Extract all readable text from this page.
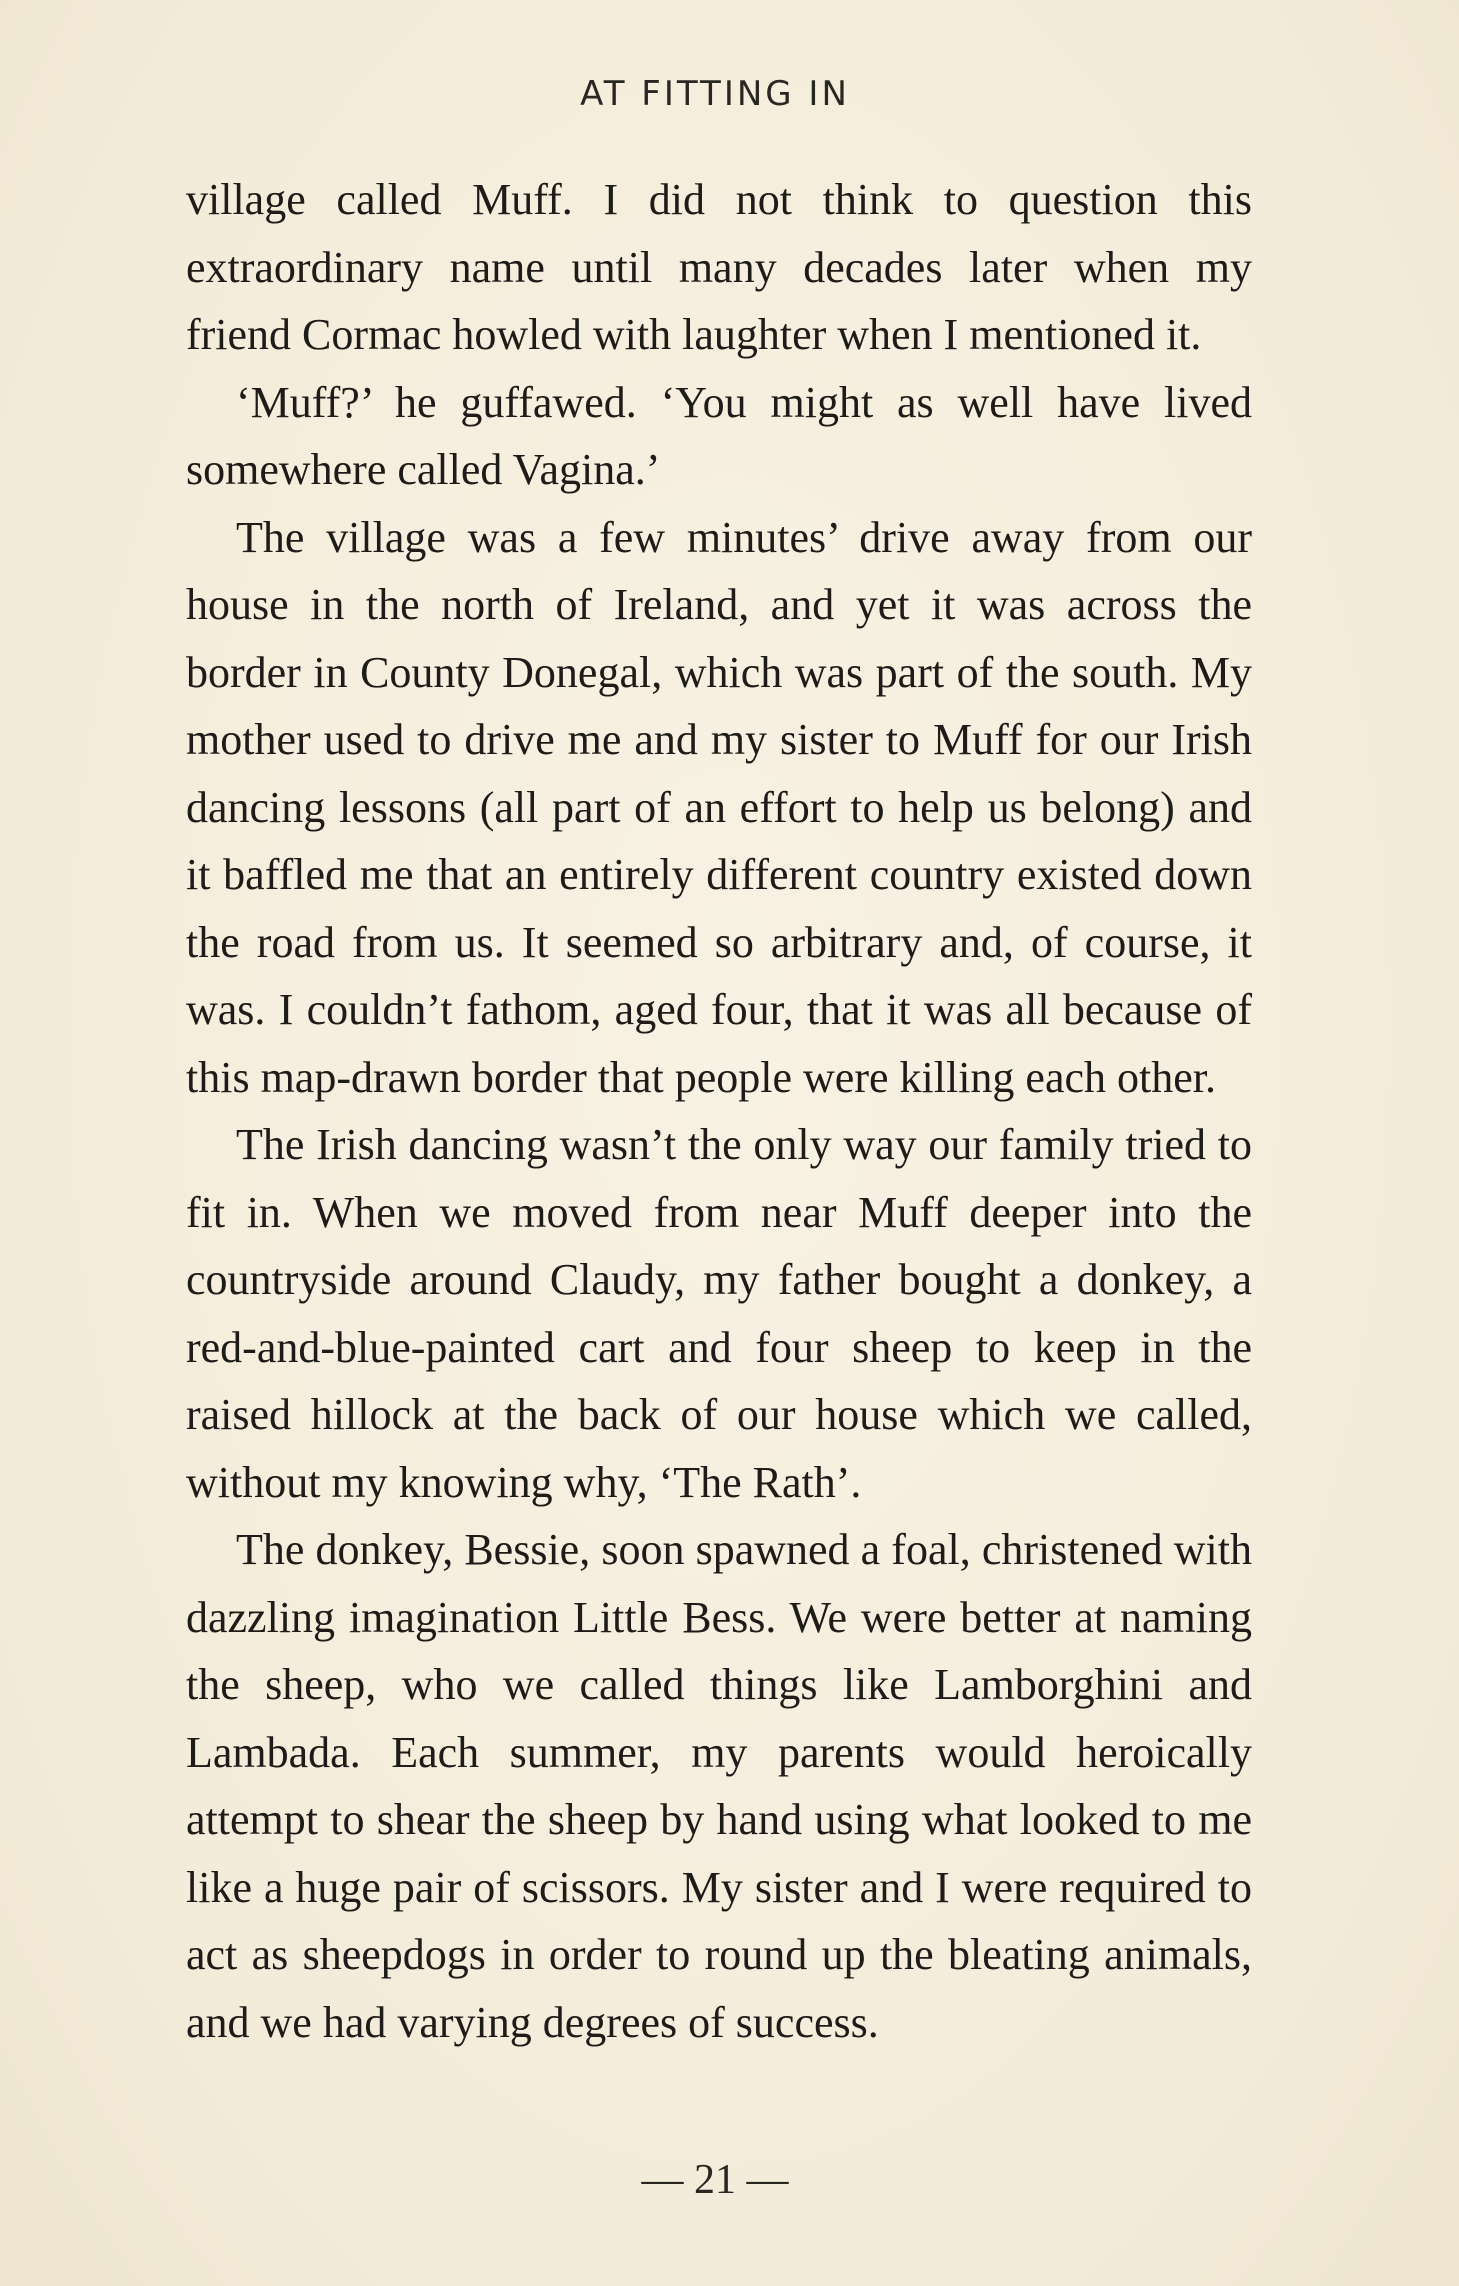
AT FITTING IN

village called Muff. I did not think to question this extraordinary name until many decades later when my friend Cormac howled with laughter when I mentioned it.

‘Muff?’ he guffawed. ‘You might as well have lived somewhere called Vagina.’

The village was a few minutes’ drive away from our house in the north of Ireland, and yet it was across the border in County Donegal, which was part of the south. My mother used to drive me and my sister to Muff for our Irish dancing lessons (all part of an effort to help us belong) and it baffled me that an entirely different country existed down the road from us. It seemed so arbitrary and, of course, it was. I couldn’t fathom, aged four, that it was all because of this map-drawn border that people were killing each other.

The Irish dancing wasn’t the only way our family tried to fit in. When we moved from near Muff deeper into the countryside around Claudy, my father bought a donkey, a red-and-blue-painted cart and four sheep to keep in the raised hillock at the back of our house which we called, without my knowing why, ‘The Rath’.

The donkey, Bessie, soon spawned a foal, christened with dazzling imagination Little Bess. We were better at naming the sheep, who we called things like Lamborghini and Lambada. Each summer, my parents would heroically attempt to shear the sheep by hand using what looked to me like a huge pair of scissors. My sister and I were required to act as sheepdogs in order to round up the bleating animals, and we had varying degrees of success.

— 21 —
